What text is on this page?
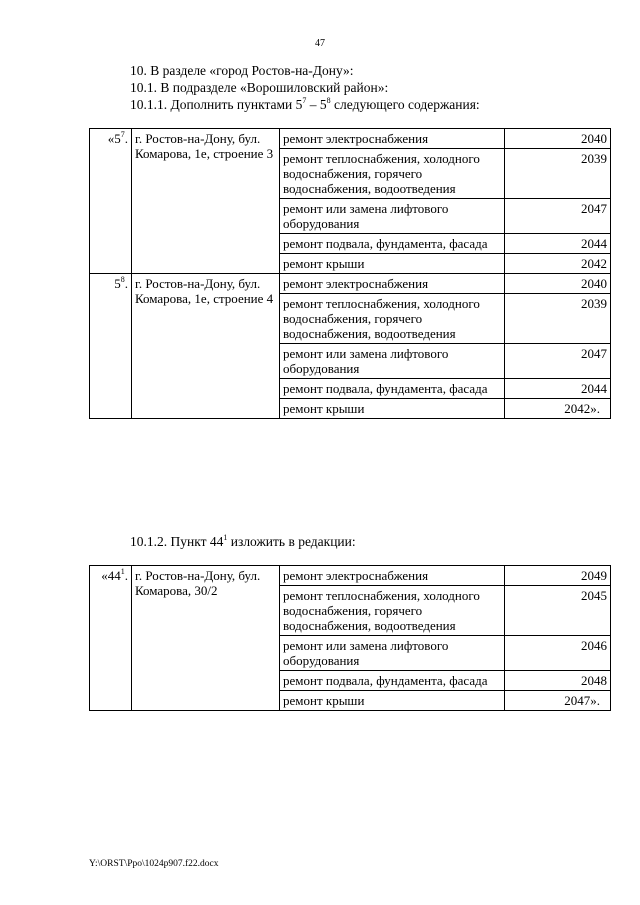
47
10. В разделе «город Ростов-на-Дону»:
10.1. В подразделе «Ворошиловский район»:
10.1.1. Дополнить пунктами $5^7 - 5^8$ следующего содержания:
«$5^7$.	г. Ростов-на-Дону, бул. Комарова, 1е, строение 3	ремонт электроснабжения	2040
		ремонт теплоснабжения, холодного водоснабжения, горячего водоснабжения, водоотведения	2039
		ремонт или замена лифтового оборудования	2047
		ремонт подвала, фундамента, фасада	2044
		ремонт крыши	2042
$5^8$.	г. Ростов-на-Дону, бул. Комарова, 1е, строение 4	ремонт электроснабжения	2040
		ремонт теплоснабжения, холодного водоснабжения, горячего водоснабжения, водоотведения	2039
		ремонт или замена лифтового оборудования	2047
		ремонт подвала, фундамента, фасада	2044
		ремонт крыши	2042».
10.1.2. Пункт $44^1$ изложить в редакции:
«$44^1$.	г. Ростов-на-Дону, бул. Комарова, 30/2	ремонт электроснабжения	2049
		ремонт теплоснабжения, холодного водоснабжения, горячего водоснабжения, водоотведения	2045
		ремонт или замена лифтового оборудования	2046
		ремонт подвала, фундамента, фасада	2048
		ремонт крыши	2047».
Y:\ORST\Ppo\1024p907.f22.docx
